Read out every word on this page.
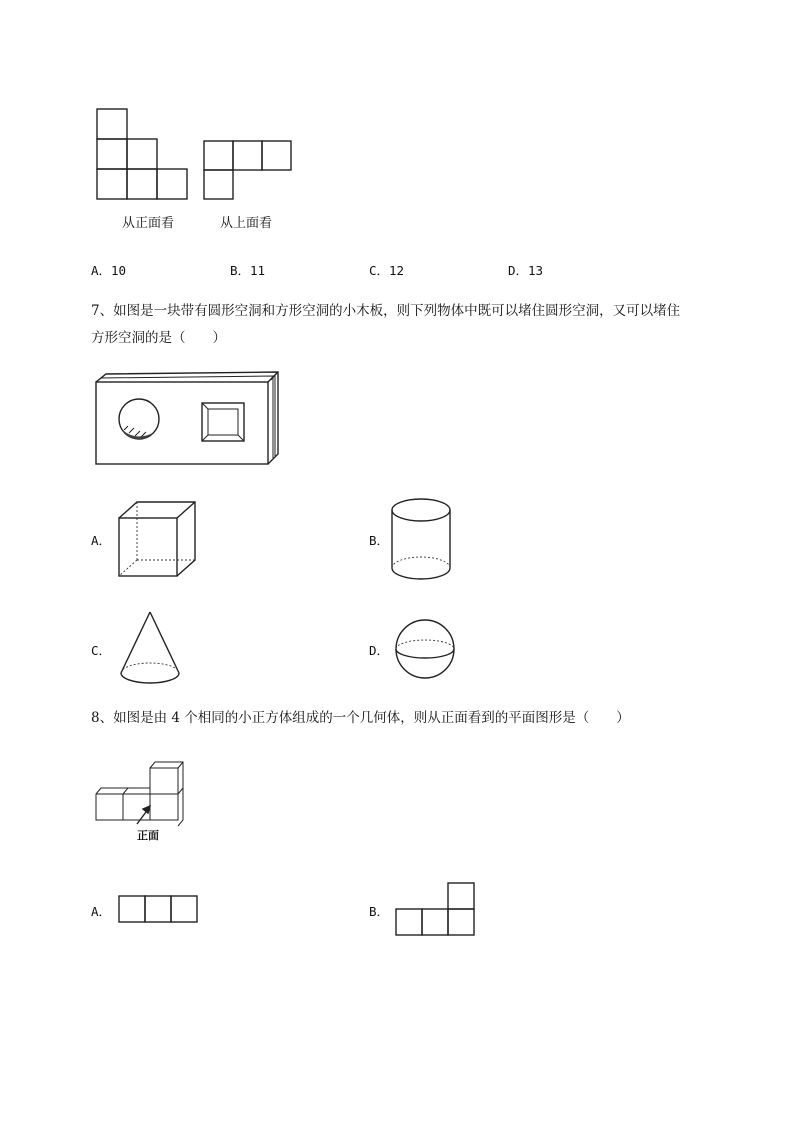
从正面看	从上面看
A．10	B．11	C．12	D．13
7、如图是一块带有圆形空洞和方形空洞的小木板，则下列物体中既可以堵住圆形空洞，又可以堵住
方形空洞的是（　　）
A．	B．
C．	D．
8、如图是由 4 个相同的小正方体组成的一个几何体，则从正面看到的平面图形是（　　）
正面
A．	B．
